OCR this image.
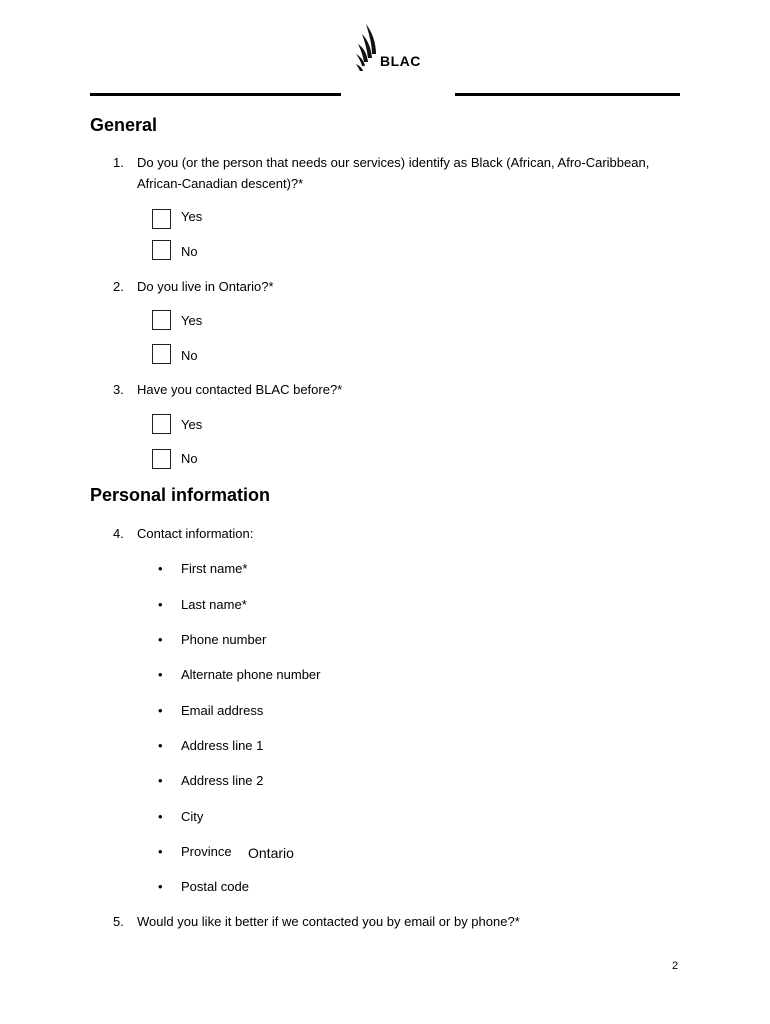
BLAC
General
1. Do you (or the person that needs our services) identify as Black (African, Afro-Caribbean,
African-Canadian descent)?*
Yes
No
2. Do you live in Ontario?*
Yes
No
3. Have you contacted BLAC before?*
Yes
No
Personal information
4. Contact information:
• First name*
• Last name*
• Phone number
• Alternate phone number
• Email address
• Address line 1
• Address line 2
• City
• Province Ontario
• Postal code
5. Would you like it better if we contacted you by email or by phone?*
2
